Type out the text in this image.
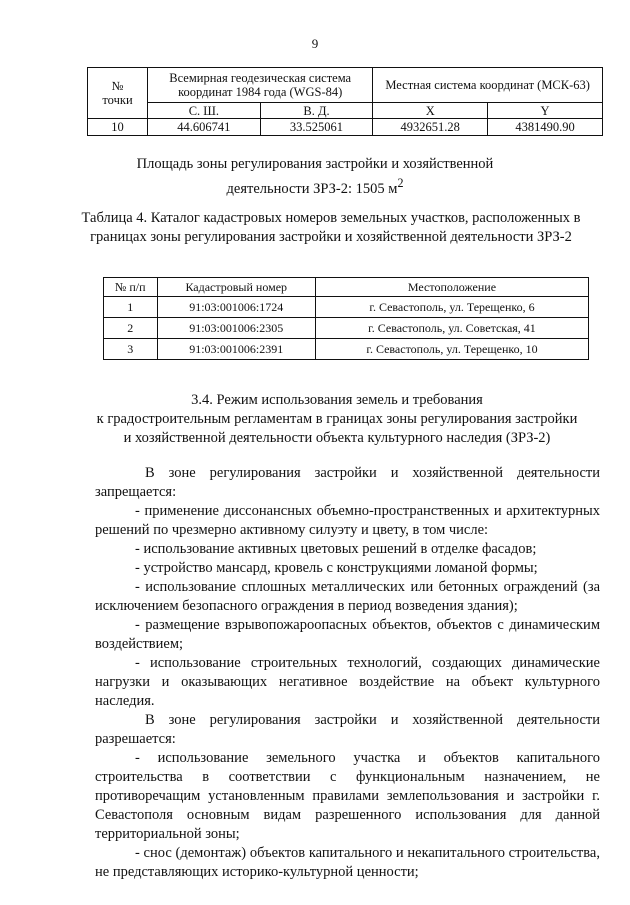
9
№
точки	Всемирная геодезическая система координат 1984 года (WGS-84)		Местная система координат (МСК-63)	
	С. Ш.	В. Д.	X	Y
10	44.606741	33.525061	4932651.28	4381490.90
Площадь зоны регулирования застройки и хозяйственной
деятельности ЗРЗ-2: 1505 $м^2$
Таблица 4. Каталог кадастровых номеров земельных участков, расположенных в границах зоны регулирования застройки и хозяйственной деятельности ЗРЗ-2
№ п/п	Кадастровый номер	Местоположение
1	91:03:001006:1724	г. Севастополь, ул. Терещенко, 6
2	91:03:001006:2305	г. Севастополь, ул. Советская, 41
3	91:03:001006:2391	г. Севастополь, ул. Терещенко, 10
3.4. Режим использования земель и требования
к градостроительным регламентам в границах зоны регулирования застройки
и хозяйственной деятельности объекта культурного наследия (ЗРЗ-2)

В зоне регулирования застройки и хозяйственной деятельности запрещается:

- применение диссонансных объемно-пространственных и архитектурных решений по чрезмерно активному силуэту и цвету, в том числе:

- использование активных цветовых решений в отделке фасадов;

- устройство мансард, кровель с конструкциями ломаной формы;

- использование сплошных металлических или бетонных ограждений (за исключением безопасного ограждения в период возведения здания);

- размещение взрывопожароопасных объектов, объектов с динамическим воздействием;

- использование строительных технологий, создающих динамические нагрузки и оказывающих негативное воздействие на объект культурного наследия.

В зоне регулирования застройки и хозяйственной деятельности разрешается:

- использование земельного участка и объектов капитального строительства в соответствии с функциональным назначением, не противоречащим установленным правилами землепользования и застройки г. Севастополя основным видам разрешенного использования для данной территориальной зоны;

- снос (демонтаж) объектов капитального и некапитального строительства, не представляющих историко-культурной ценности;
